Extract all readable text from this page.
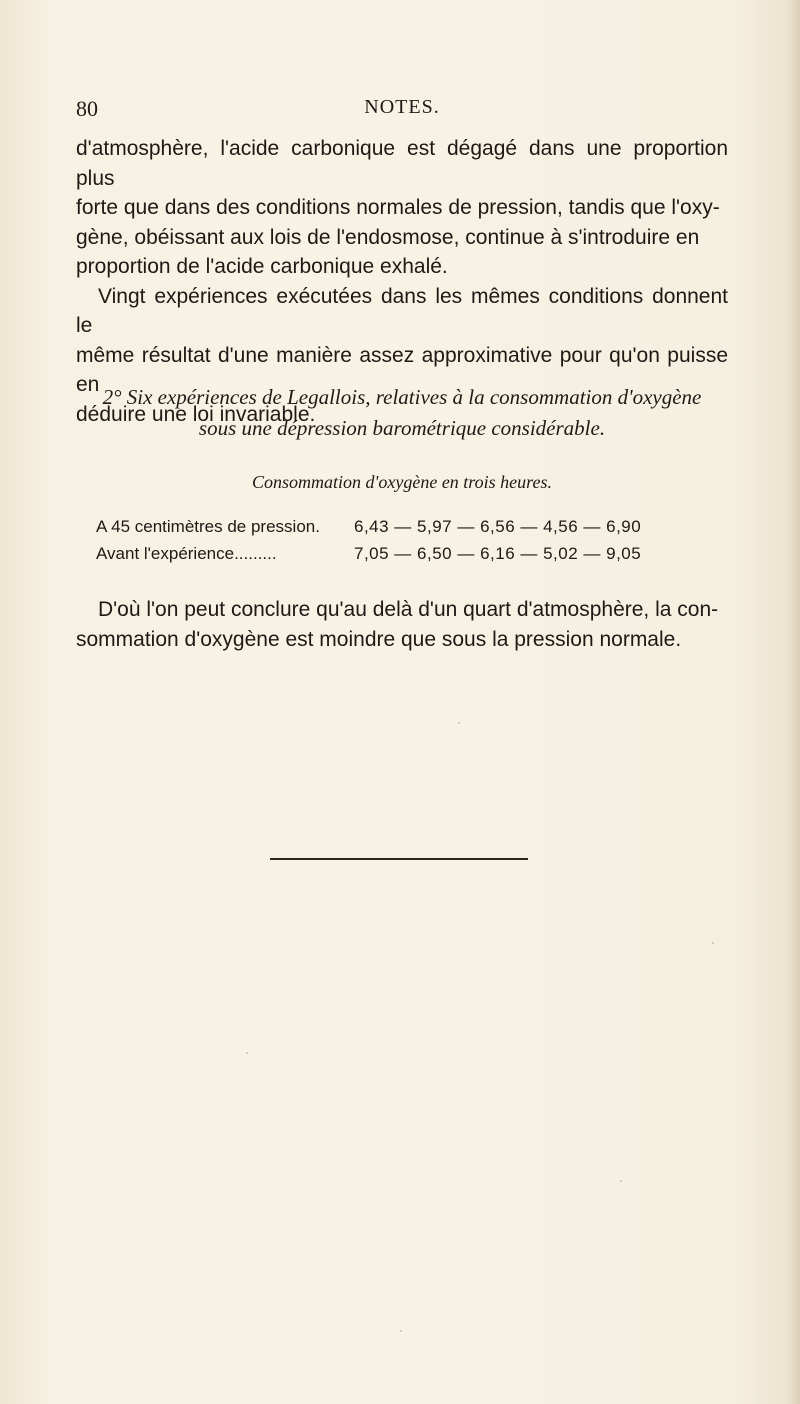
80	NOTES.
d'atmosphère, l'acide carbonique est dégagé dans une proportion plus
forte que dans des conditions normales de pression, tandis que l'oxy-
gène, obéissant aux lois de l'endosmose, continue à s'introduire en
proportion de l'acide carbonique exhalé.
Vingt expériences exécutées dans les mêmes conditions donnent le
même résultat d'une manière assez approximative pour qu'on puisse en
déduire une loi invariable.
2° Six expériences de Legallois, relatives à la consommation d'oxygène
sous une dépression barométrique considérable.
Consommation d'oxygène en trois heures.
A 45 centimètres de pression. 6,43 — 5,97 — 6,56 — 4,56 — 6,90
Avant l'expérience.........	7,05 — 6,50 — 6,16 — 5,02 — 9,05
D'où l'on peut conclure qu'au delà d'un quart d'atmosphère, la con-
sommation d'oxygène est moindre que sous la pression normale.
